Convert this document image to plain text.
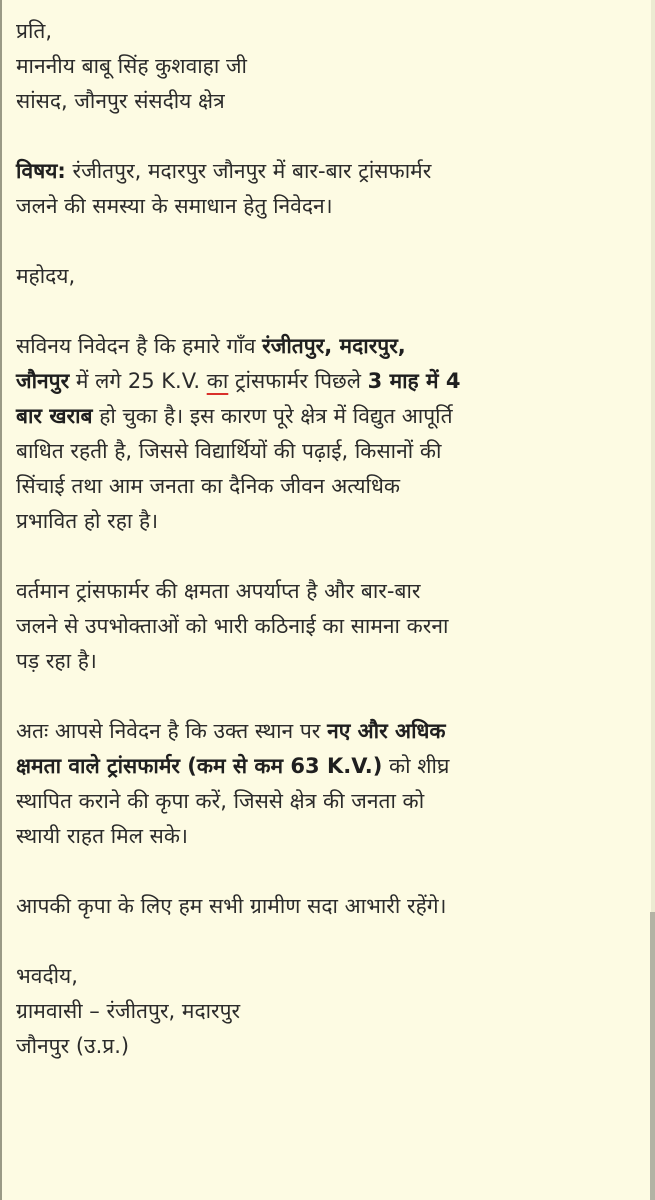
प्रति,
माननीय बाबू सिंह कुशवाहा जी
सांसद, जौनपुर संसदीय क्षेत्र
विषय: रंजीतपुर, मदारपुर जौनपुर में बार-बार ट्रांसफार्मर
जलने की समस्या के समाधान हेतु निवेदन।
महोदय,
सविनय निवेदन है कि हमारे गाँव रंजीतपुर, मदारपुर,
जौनपुर में लगे 25 K.V. का ट्रांसफार्मर पिछले 3 माह में 4
बार खराब हो चुका है। इस कारण पूरे क्षेत्र में विद्युत आपूर्ति
बाधित रहती है, जिससे विद्यार्थियों की पढ़ाई, किसानों की
सिंचाई तथा आम जनता का दैनिक जीवन अत्यधिक
प्रभावित हो रहा है।
वर्तमान ट्रांसफार्मर की क्षमता अपर्याप्त है और बार-बार
जलने से उपभोक्ताओं को भारी कठिनाई का सामना करना
पड़ रहा है।
अतः आपसे निवेदन है कि उक्त स्थान पर नए और अधिक
क्षमता वाले ट्रांसफार्मर (कम से कम 63 K.V.) को शीघ्र
स्थापित कराने की कृपा करें, जिससे क्षेत्र की जनता को
स्थायी राहत मिल सके।
आपकी कृपा के लिए हम सभी ग्रामीण सदा आभारी रहेंगे।
भवदीय,
ग्रामवासी – रंजीतपुर, मदारपुर
जौनपुर (उ.प्र.)
